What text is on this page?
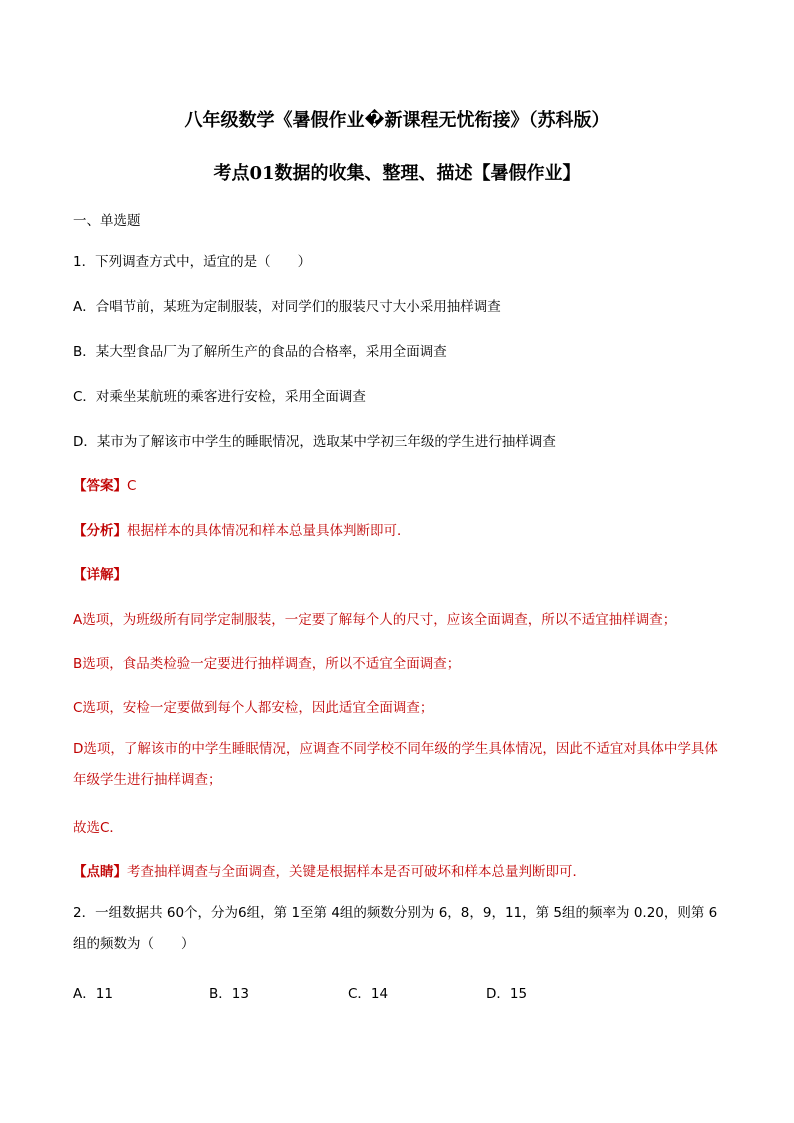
八年级数学《暑假作业�新课程无忧衔接》（苏科版）
考点01数据的收集、整理、描述【暑假作业】
一、单选题
1．下列调查方式中，适宜的是（　　）
A．合唱节前，某班为定制服装，对同学们的服装尺寸大小采用抽样调查
B．某大型食品厂为了解所生产的食品的合格率，采用全面调查
C．对乘坐某航班的乘客进行安检，采用全面调查
D．某市为了解该市中学生的睡眠情况，选取某中学初三年级的学生进行抽样调查
【答案】C
【分析】根据样本的具体情况和样本总量具体判断即可．
【详解】
A选项，为班级所有同学定制服装，一定要了解每个人的尺寸，应该全面调查，所以不适宜抽样调查；
B选项，食品类检验一定要进行抽样调查，所以不适宜全面调查；
C选项，安检一定要做到每个人都安检，因此适宜全面调查；
D选项，了解该市的中学生睡眠情况，应调查不同学校不同年级的学生具体情况，因此不适宜对具体中学具体年级学生进行抽样调查；
故选C．
【点睛】考查抽样调查与全面调查，关键是根据样本是否可破坏和样本总量判断即可．
2．一组数据共 60个，分为6组，第 1至第 4组的频数分别为 6，8，9，11，第 5组的频率为 0.20，则第 6组的频数为（　　）
A．11	B．13	C．14	D．15
